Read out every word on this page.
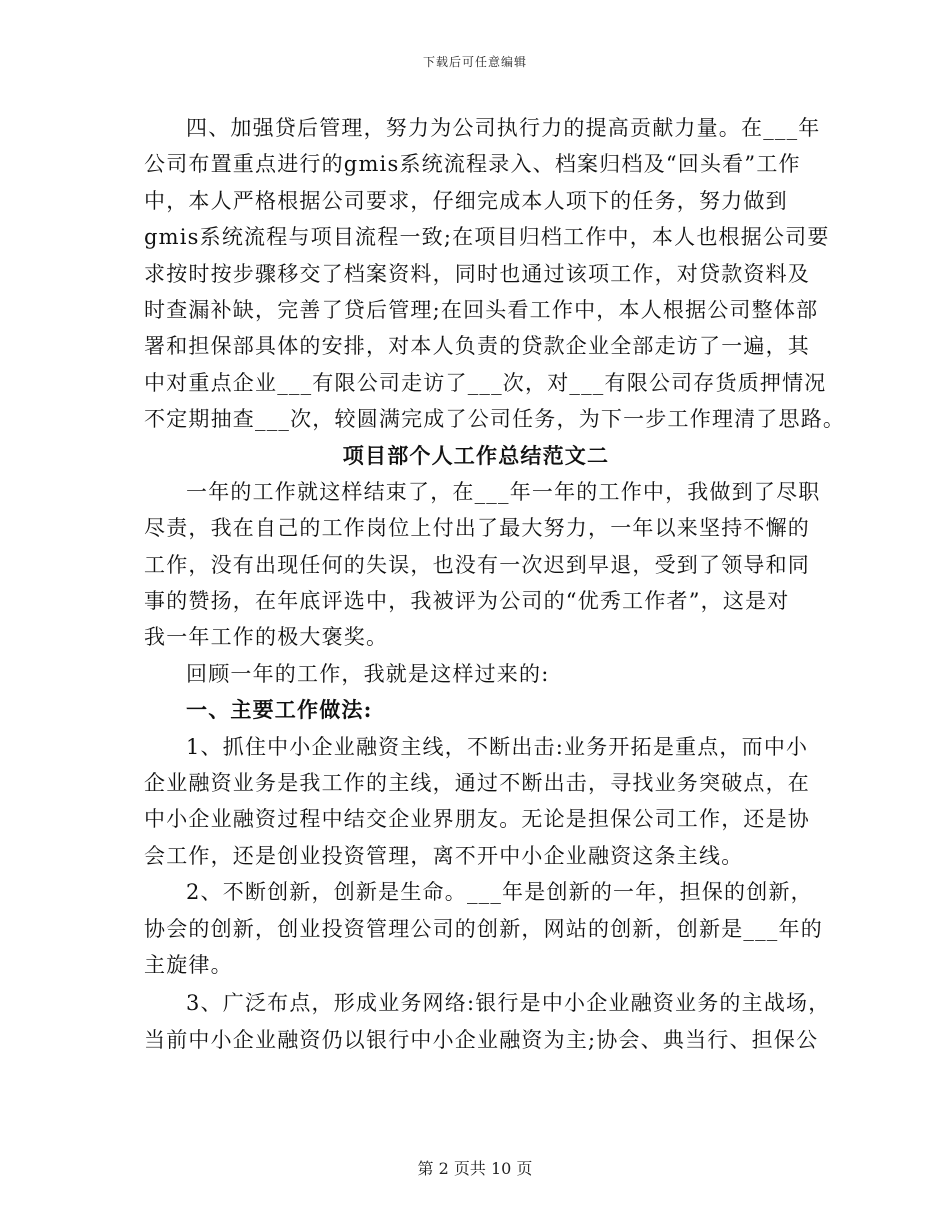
下载后可任意编辑
四、加强贷后管理，努力为公司执行力的提高贡献力量。在___年
公司布置重点进行的gmis系统流程录入、档案归档及“回头看”工作
中，本人严格根据公司要求，仔细完成本人项下的任务，努力做到
gmis系统流程与项目流程一致;在项目归档工作中，本人也根据公司要
求按时按步骤移交了档案资料，同时也通过该项工作，对贷款资料及
时查漏补缺，完善了贷后管理;在回头看工作中，本人根据公司整体部
署和担保部具体的安排，对本人负责的贷款企业全部走访了一遍，其
中对重点企业___有限公司走访了___次，对___有限公司存货质押情况
不定期抽查___次，较圆满完成了公司任务，为下一步工作理清了思路。
项目部个人工作总结范文二
一年的工作就这样结束了，在___年一年的工作中，我做到了尽职
尽责，我在自己的工作岗位上付出了最大努力，一年以来坚持不懈的
工作，没有出现任何的失误，也没有一次迟到早退，受到了领导和同
事的赞扬，在年底评选中，我被评为公司的“优秀工作者”，这是对
我一年工作的极大褒奖。
回顾一年的工作，我就是这样过来的:
一、主要工作做法:
1、抓住中小企业融资主线，不断出击:业务开拓是重点，而中小
企业融资业务是我工作的主线，通过不断出击，寻找业务突破点，在
中小企业融资过程中结交企业界朋友。无论是担保公司工作，还是协
会工作，还是创业投资管理，离不开中小企业融资这条主线。
2、不断创新，创新是生命。___年是创新的一年，担保的创新，
协会的创新，创业投资管理公司的创新，网站的创新，创新是___年的
主旋律。
3、广泛布点，形成业务网络:银行是中小企业融资业务的主战场，
当前中小企业融资仍以银行中小企业融资为主;协会、典当行、担保公
第 2 页共 10 页
